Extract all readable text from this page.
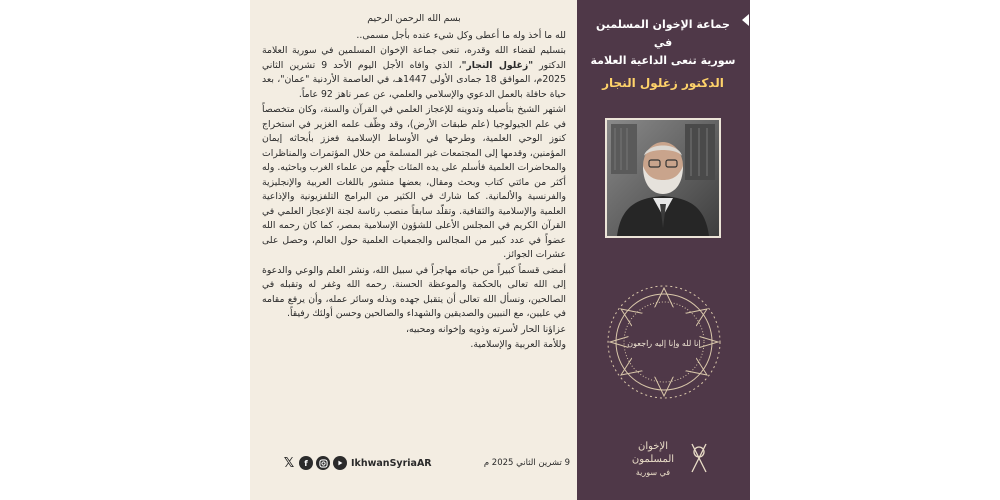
بسم الله الرحمن الرحيم

لله ما أخذ وله ما أعطى وكل شيء عنده بأجل مسمى..

بتسليم لقضاء الله وقدره، تنعى جماعة الإخوان المسلمين في سورية العلامة الدكتور "زغلول النجار"، الذي وافاه الأجل اليوم الأحد 9 تشرين الثاني 2025م، الموافق 18 جمادى الأولى 1447هـ، في العاصمة الأردنية "عمان"، بعد حياة حافلة بالعمل الدعوي والإسلامي والعلمي، عن عمر ناهز 92 عاماً.

اشتهر الشيخ بتأصيله وتدوينه للإعجاز العلمي في القرآن والسنة، وكان متخصصاً في علم الجيولوجيا (علم طبقات الأرض)، وقد وظّف علمه الغزير في استخراج كنوز الوحي العلمية، وطرحها في الأوساط الإسلامية فعزز بأبحاثه إيمان المؤمنين، وقدمها إلى المجتمعات غير المسلمة من خلال المؤتمرات والمناظرات والمحاضرات العلمية فأسلم على يده المئات جلّهم من علماء الغرب وباحثيه. وله أكثر من مائتي كتاب وبحث ومقال، بعضها منشور باللغات العربية والإنجليزية والفرنسية والألمانية. كما شارك في الكثير من البرامج التلفزيونية والإذاعية العلمية والإسلامية والثقافية. وتقلّد سابقاً منصب رئاسة لجنة الإعجاز العلمي في القرآن الكريم في المجلس الأعلى للشؤون الإسلامية بمصر، كما كان رحمه الله عضواً في عدد كبير من المجالس والجمعيات العلمية حول العالم، وحصل على عشرات الجوائز.

أمضى قسماً كبيراً من حياته مهاجراً في سبيل الله، ونشر العلم والوعي والدعوة إلى الله تعالى بالحكمة والموعظة الحسنة. رحمه الله وغفر له وتقبله في الصالحين، ونسأل الله تعالى أن يتقبل جهده وبذله وسائر عمله، وأن يرفع مقامه في عليين، مع النبيين والصديقين والشهداء والصالحين وحسن أولئك رفيقاً.

عزاؤنا الحار لأسرته وذويه وإخوانه ومحبيه،

وللأمة العربية والإسلامية.

𝕏	f	IkhwanSyriaAR	9 تشرين الثاني 2025 م
جماعة الإخوان المسلمين في
سورية تنعى الداعية العلامة
الدكتور زغلول النجار
إنا لله وإنا إليه راجعون
الإخوان المسلمون
في سورية
